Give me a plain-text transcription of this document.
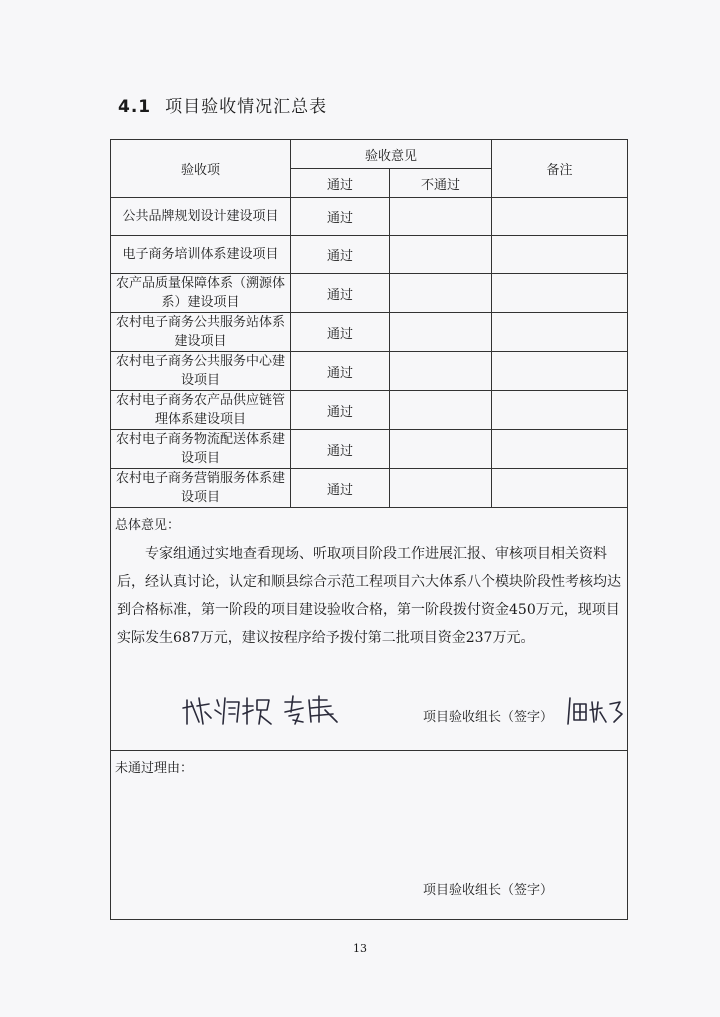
4.1 项目验收情况汇总表
验收项	验收意见		备注
	通过	不通过	
公共品牌规划设计建设项目	通过		
电子商务培训体系建设项目	通过		
农产品质量保障体系（溯源体系）建设项目	通过		
农村电子商务公共服务站体系建设项目	通过		
农村电子商务公共服务中心建设项目	通过		
农村电子商务农产品供应链管理体系建设项目	通过		
农村电子商务物流配送体系建设项目	通过		
农村电子商务营销服务体系建设项目	通过		

总体意见：
专家组通过实地查看现场、听取项目阶段工作进展汇报、审核项目相关资料后，经认真讨论，认定和顺县综合示范工程项目六大体系八个模块阶段性考核均达到合格标准，第一阶段的项目建设验收合格，第一阶段拨付资金450万元，现项目实际发生687万元，建议按程序给予拨付第二批项目资金237万元。
项目验收组长（签字）			

未通过理由：
项目验收组长（签字）			
13
